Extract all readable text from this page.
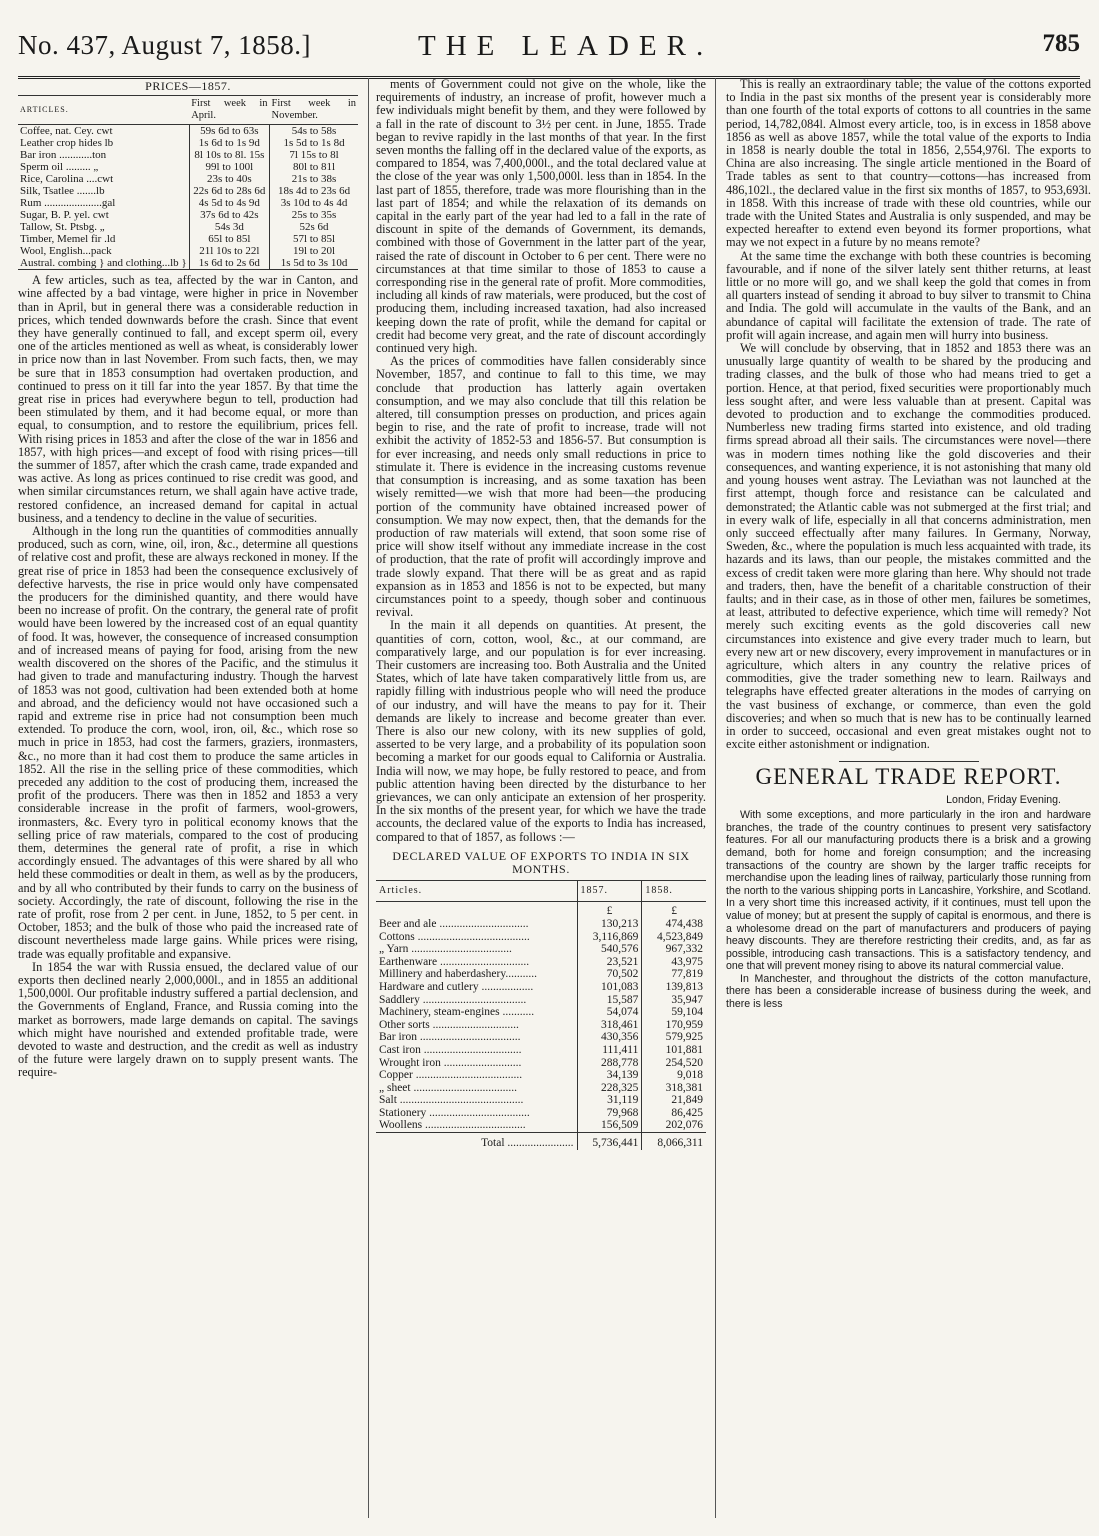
No. 437, August 7, 1858.]	THE LEADER.	785
PRICES—1857.
ARTICLES.	First week in April.	First week in November.
Coffee, nat. Cey. cwt	59s 6d to 63s	54s to 58s
Leather crop hides lb	1s 6d to 1s 9d	1s 5d to 1s 8d
Bar iron ............ton	8l 10s to 8l. 15s	7l 15s to 8l
Sperm oil ......... „	99l to 100l	80l to 81l
Rice, Carolina ....cwt	23s to 40s	21s to 38s
Silk, Tsatlee .......lb	22s 6d to 28s 6d	18s 4d to 23s 6d
Rum .....................gal	4s 5d to 4s 9d	3s 10d to 4s 4d
Sugar, B. P. yel. cwt	37s 6d to 42s	25s to 35s
Tallow, St. Ptsbg. „	54s 3d	52s 6d
Timber, Memel fir .ld	65l to 85l	57l to 85l
Wool, English...pack	21l 10s to 22l	19l to 20l
Austral. combing } and clothing...lb }	1s 6d to 2s 6d	1s 5d to 3s 10d

A few articles, such as tea, affected by the war in Canton, and wine affected by a bad vintage, were higher in price in November than in April, but in general there was a considerable reduction in prices, which tended downwards before the crash. Since that event they have generally continued to fall, and except sperm oil, every one of the articles mentioned as well as wheat, is considerably lower in price now than in last November. From such facts, then, we may be sure that in 1853 consumption had overtaken production, and continued to press on it till far into the year 1857. By that time the great rise in prices had everywhere begun to tell, production had been stimulated by them, and it had become equal, or more than equal, to consumption, and to restore the equilibrium, prices fell. With rising prices in 1853 and after the close of the war in 1856 and 1857, with high prices—and except of food with rising prices—till the summer of 1857, after which the crash came, trade expanded and was active. As long as prices continued to rise credit was good, and when similar circumstances return, we shall again have active trade, restored confidence, an increased demand for capital in actual business, and a tendency to decline in the value of securities.

Although in the long run the quantities of commodities annually produced, such as corn, wine, oil, iron, &c., determine all questions of relative cost and profit, these are always reckoned in money. If the great rise of price in 1853 had been the consequence exclusively of defective harvests, the rise in price would only have compensated the producers for the diminished quantity, and there would have been no increase of profit. On the contrary, the general rate of profit would have been lowered by the increased cost of an equal quantity of food. It was, however, the consequence of increased consumption and of increased means of paying for food, arising from the new wealth discovered on the shores of the Pacific, and the stimulus it had given to trade and manufacturing industry. Though the harvest of 1853 was not good, cultivation had been extended both at home and abroad, and the deficiency would not have occasioned such a rapid and extreme rise in price had not consumption been much extended. To produce the corn, wool, iron, oil, &c., which rose so much in price in 1853, had cost the farmers, graziers, ironmasters, &c., no more than it had cost them to produce the same articles in 1852. All the rise in the selling price of these commodities, which preceded any addition to the cost of producing them, increased the profit of the producers. There was then in 1852 and 1853 a very considerable increase in the profit of farmers, wool-growers, ironmasters, &c. Every tyro in political economy knows that the selling price of raw materials, compared to the cost of producing them, determines the general rate of profit, a rise in which accordingly ensued. The advantages of this were shared by all who held these commodities or dealt in them, as well as by the producers, and by all who contributed by their funds to carry on the business of society. Accordingly, the rate of discount, following the rise in the rate of profit, rose from 2 per cent. in June, 1852, to 5 per cent. in October, 1853; and the bulk of those who paid the increased rate of discount nevertheless made large gains. While prices were rising, trade was equally profitable and expansive.

In 1854 the war with Russia ensued, the declared value of our exports then declined nearly 2,000,000l., and in 1855 an additional 1,500,000l. Our profitable industry suffered a partial declension, and the Governments of England, France, and Russia coming into the market as borrowers, made large demands on capital. The savings which might have nourished and extended profitable trade, were devoted to waste and destruction, and the credit as well as industry of the future were largely drawn on to supply present wants. The require-

ments of Government could not give on the whole, like the requirements of industry, an increase of profit, however much a few individuals might benefit by them, and they were followed by a fall in the rate of discount to 3½ per cent. in June, 1855. Trade began to revive rapidly in the last months of that year. In the first seven months the falling off in the declared value of the exports, as compared to 1854, was 7,400,000l., and the total declared value at the close of the year was only 1,500,000l. less than in 1854. In the last part of 1855, therefore, trade was more flourishing than in the last part of 1854; and while the relaxation of its demands on capital in the early part of the year had led to a fall in the rate of discount in spite of the demands of Government, its demands, combined with those of Government in the latter part of the year, raised the rate of discount in October to 6 per cent. There were no circumstances at that time similar to those of 1853 to cause a corresponding rise in the general rate of profit. More commodities, including all kinds of raw materials, were produced, but the cost of producing them, including increased taxation, had also increased keeping down the rate of profit, while the demand for capital or credit had become very great, and the rate of discount accordingly continued very high.

As the prices of commodities have fallen considerably since November, 1857, and continue to fall to this time, we may conclude that production has latterly again overtaken consumption, and we may also conclude that till this relation be altered, till consumption presses on production, and prices again begin to rise, and the rate of profit to increase, trade will not exhibit the activity of 1852-53 and 1856-57. But consumption is for ever increasing, and needs only small reductions in price to stimulate it. There is evidence in the increasing customs revenue that consumption is increasing, and as some taxation has been wisely remitted—we wish that more had been—the producing portion of the community have obtained increased power of consumption. We may now expect, then, that the demands for the production of raw materials will extend, that soon some rise of price will show itself without any immediate increase in the cost of production, that the rate of profit will accordingly improve and trade slowly expand. That there will be as great and as rapid expansion as in 1853 and 1856 is not to be expected, but many circumstances point to a speedy, though sober and continuous revival.

In the main it all depends on quantities. At present, the quantities of corn, cotton, wool, &c., at our command, are comparatively large, and our population is for ever increasing. Their customers are increasing too. Both Australia and the United States, which of late have taken comparatively little from us, are rapidly filling with industrious people who will need the produce of our industry, and will have the means to pay for it. Their demands are likely to increase and become greater than ever. There is also our new colony, with its new supplies of gold, asserted to be very large, and a probability of its population soon becoming a market for our goods equal to California or Australia. India will now, we may hope, be fully restored to peace, and from public attention having been directed by the disturbance to her grievances, we can only anticipate an extension of her prosperity. In the six months of the present year, for which we have the trade accounts, the declared value of the exports to India has increased, compared to that of 1857, as follows :—

DECLARED VALUE OF EXPORTS TO INDIA IN SIX MONTHS.
Articles.	1857.	1858.
	£	£
Beer and ale ...............................	130,213	474,438
Cottons .......................................	3,116,869	4,523,849
„ Yarn ...................................	540,576	967,332
Earthenware ...............................	23,521	43,975
Millinery and haberdashery...........	70,502	77,819
Hardware and cutlery ..................	101,083	139,813
Saddlery ....................................	15,587	35,947
Machinery, steam-engines ...........	54,074	59,104
Other sorts ..............................	318,461	170,959
Bar iron ...................................	430,356	579,925
Cast iron ..................................	111,411	101,881
Wrought iron ...........................	288,778	254,520
Copper .....................................	34,139	9,018
„ sheet ....................................	228,325	318,381
Salt ...........................................	31,119	21,849
Stationery ...................................	79,968	86,425
Woollens ...................................	156,509	202,076
Total .......................	5,736,441	8,066,311

This is really an extraordinary table; the value of the cottons exported to India in the past six months of the present year is considerably more than one fourth of the total exports of cottons to all countries in the same period, 14,782,084l. Almost every article, too, is in excess in 1858 above 1856 as well as above 1857, while the total value of the exports to India in 1858 is nearly double the total in 1856, 2,554,976l. The exports to China are also increasing. The single article mentioned in the Board of Trade tables as sent to that country—cottons—has increased from 486,102l., the declared value in the first six months of 1857, to 953,693l. in 1858. With this increase of trade with these old countries, while our trade with the United States and Australia is only suspended, and may be expected hereafter to extend even beyond its former proportions, what may we not expect in a future by no means remote?

At the same time the exchange with both these countries is becoming favourable, and if none of the silver lately sent thither returns, at least little or no more will go, and we shall keep the gold that comes in from all quarters instead of sending it abroad to buy silver to transmit to China and India. The gold will accumulate in the vaults of the Bank, and an abundance of capital will facilitate the extension of trade. The rate of profit will again increase, and again men will hurry into business.

We will conclude by observing, that in 1852 and 1853 there was an unusually large quantity of wealth to be shared by the producing and trading classes, and the bulk of those who had means tried to get a portion. Hence, at that period, fixed securities were proportionably much less sought after, and were less valuable than at present. Capital was devoted to production and to exchange the commodities produced. Numberless new trading firms started into existence, and old trading firms spread abroad all their sails. The circumstances were novel—there was in modern times nothing like the gold discoveries and their consequences, and wanting experience, it is not astonishing that many old and young houses went astray. The Leviathan was not launched at the first attempt, though force and resistance can be calculated and demonstrated; the Atlantic cable was not submerged at the first trial; and in every walk of life, especially in all that concerns administration, men only succeed effectually after many failures. In Germany, Norway, Sweden, &c., where the population is much less acquainted with trade, its hazards and its laws, than our people, the mistakes committed and the excess of credit taken were more glaring than here. Why should not trade and traders, then, have the benefit of a charitable construction of their faults; and in their case, as in those of other men, failures be sometimes, at least, attributed to defective experience, which time will remedy? Not merely such exciting events as the gold discoveries call new circumstances into existence and give every trader much to learn, but every new art or new discovery, every improvement in manufactures or in agriculture, which alters in any country the relative prices of commodities, give the trader something new to learn. Railways and telegraphs have effected greater alterations in the modes of carrying on the vast business of exchange, or commerce, than even the gold discoveries; and when so much that is new has to be continually learned in order to succeed, occasional and even great mistakes ought not to excite either astonishment or indignation.

GENERAL TRADE REPORT.
London, Friday Evening.

With some exceptions, and more particularly in the iron and hardware branches, the trade of the country continues to present very satisfactory features. For all our manufacturing products there is a brisk and a growing demand, both for home and foreign consumption; and the increasing transactions of the country are shown by the larger traffic receipts for merchandise upon the leading lines of railway, particularly those running from the north to the various shipping ports in Lancashire, Yorkshire, and Scotland. In a very short time this increased activity, if it continues, must tell upon the value of money; but at present the supply of capital is enormous, and there is a wholesome dread on the part of manufacturers and producers of paying heavy discounts. They are therefore restricting their credits, and, as far as possible, introducing cash transactions. This is a satisfactory tendency, and one that will prevent money rising to above its natural commercial value.

In Manchester, and throughout the districts of the cotton manufacture, there has been a considerable increase of business during the week, and there is less
